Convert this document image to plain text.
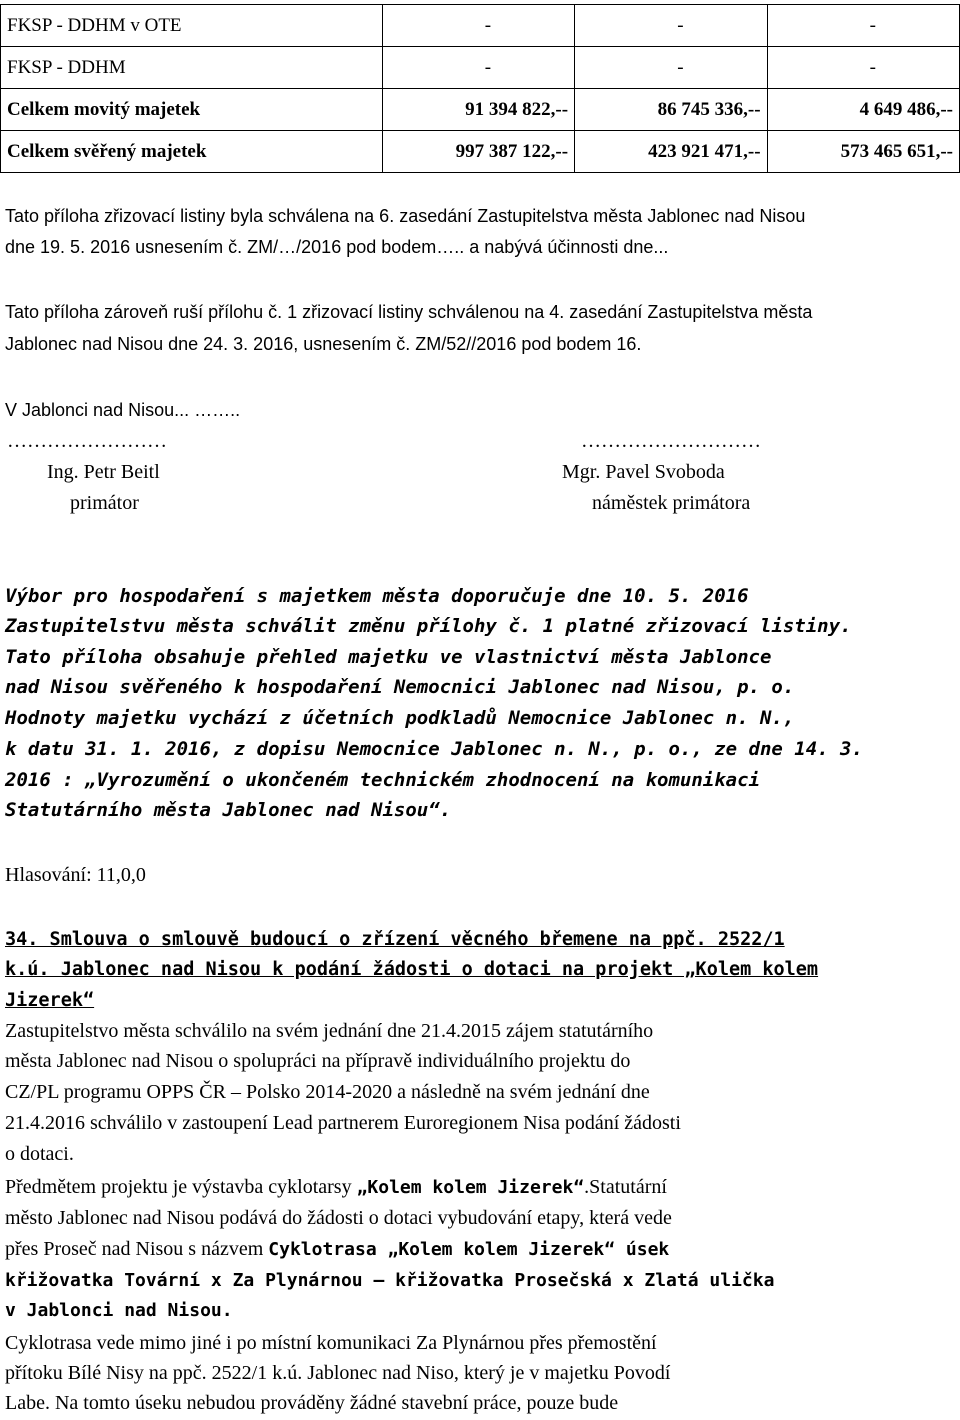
FKSP - DDHM v OTE	-	-	-
FKSP - DDHM	-	-	-
Celkem movitý majetek	91 394 822,--	86 745 336,--	4 649 486,--
Celkem svěřený majetek	997 387 122,--	423 921 471,--	573 465 651,--
Tato příloha zřizovací listiny byla schválena na 6. zasedání Zastupitelstva města Jablonec nad Nisou
dne 19. 5. 2016 usnesením č. ZM/…/2016 pod bodem….. a nabývá účinnosti dne...
Tato příloha zároveň ruší přílohu č. 1 zřizovací listiny schválenou na 4. zasedání Zastupitelstva města
Jablonec nad Nisou dne 24. 3. 2016, usnesením č. ZM/52//2016 pod bodem 16.
V Jablonci nad Nisou... ……..
……………………
Ing. Petr Beitl
primátor
………………………
Mgr. Pavel Svoboda
náměstek primátora
Výbor pro hospodaření s majetkem města doporučuje dne 10. 5. 2016
Zastupitelstvu města schválit změnu přílohy č. 1 platné zřizovací listiny.
Tato příloha obsahuje přehled majetku ve vlastnictví města Jablonce
nad Nisou svěřeného k hospodaření Nemocnici Jablonec nad Nisou, p. o.
Hodnoty majetku vychází z účetních podkladů Nemocnice Jablonec n. N.,
k datu 31. 1. 2016, z dopisu Nemocnice Jablonec n. N., p. o., ze dne 14. 3.
2016 : „Vyrozumění o ukončeném technickém zhodnocení na komunikaci
Statutárního města Jablonec nad Nisou“.
Hlasování: 11,0,0
34. Smlouva o smlouvě budoucí o zřízení věcného břemene na ppč. 2522/1
k.ú. Jablonec nad Nisou k podání žádosti o dotaci na projekt „Kolem kolem
Jizerek“
Zastupitelstvo města schválilo na svém jednání dne 21.4.2015 zájem statutárního
města Jablonec nad Nisou o spolupráci na přípravě individuálního projektu do
CZ/PL programu OPPS ČR – Polsko 2014-2020 a následně na svém jednání dne
21.4.2016 schválilo v zastoupení Lead partnerem Euroregionem Nisa podání žádosti
o dotaci.
Předmětem projektu je výstavba cyklotarsy „Kolem kolem Jizerek“.Statutární
město Jablonec nad Nisou podává do žádosti o dotaci vybudování etapy, která vede
přes Proseč nad Nisou s názvem Cyklotrasa „Kolem kolem Jizerek“ úsek
křižovatka Tovární x Za Plynárnou – křižovatka Prosečská x Zlatá ulička
v Jablonci nad Nisou.
Cyklotrasa vede mimo jiné i po místní komunikaci Za Plynárnou přes přemostění
přítoku Bílé Nisy na ppč. 2522/1 k.ú. Jablonec nad Niso, který je v majetku Povodí
Labe. Na tomto úseku nebudou prováděny žádné stavební práce, pouze bude
